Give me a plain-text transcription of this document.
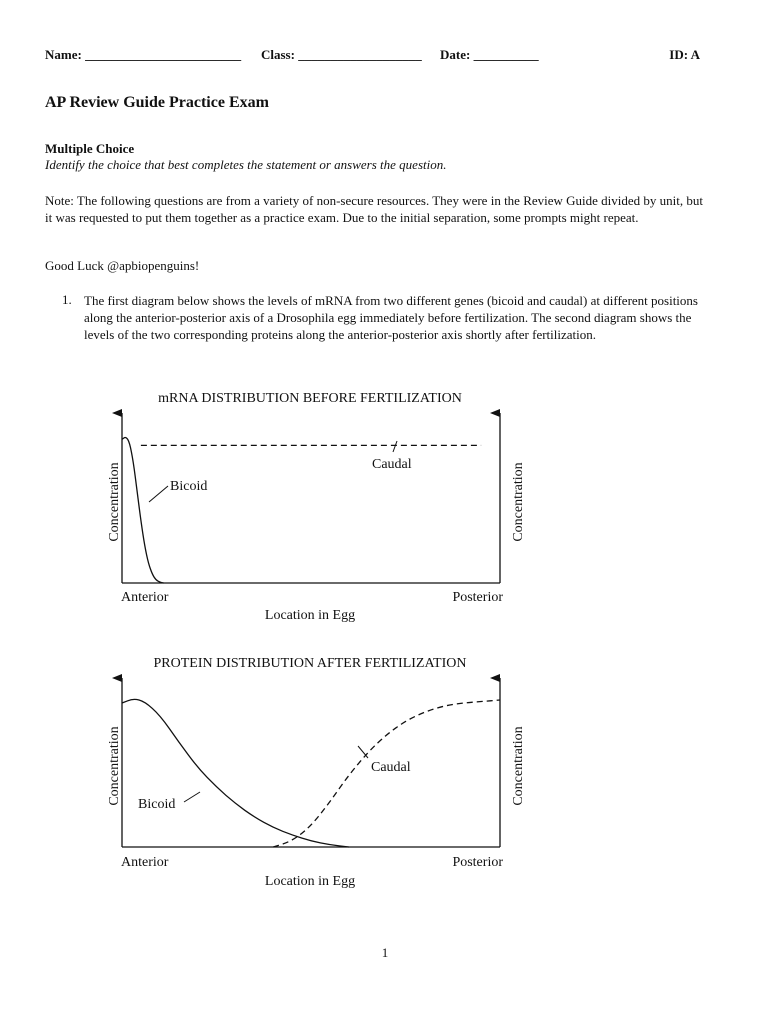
Name: ________________________ Class: ___________________ Date: __________	ID: A
AP Review Guide Practice Exam
Multiple Choice
Identify the choice that best completes the statement or answers the question.
Note: The following questions are from a variety of non-secure resources. They were in the Review Guide divided by unit, but it was requested to put them together as a practice exam. Due to the initial separation, some prompts might repeat.
Good Luck @apbiopenguins!
1. The first diagram below shows the levels of mRNA from two different genes (bicoid and caudal) at different positions along the anterior-posterior axis of a Drosophila egg immediately before fertilization. The second diagram shows the levels of the two corresponding proteins along the anterior-posterior axis shortly after fertilization.
mRNA DISTRIBUTION BEFORE FERTILIZATION
Bicoid
Caudal
Concentration	Concentration
Anterior	Posterior
Location in Egg
PROTEIN DISTRIBUTION AFTER FERTILIZATION
Bicoid
Caudal
Concentration	Concentration
Anterior	Posterior
Location in Egg
1
